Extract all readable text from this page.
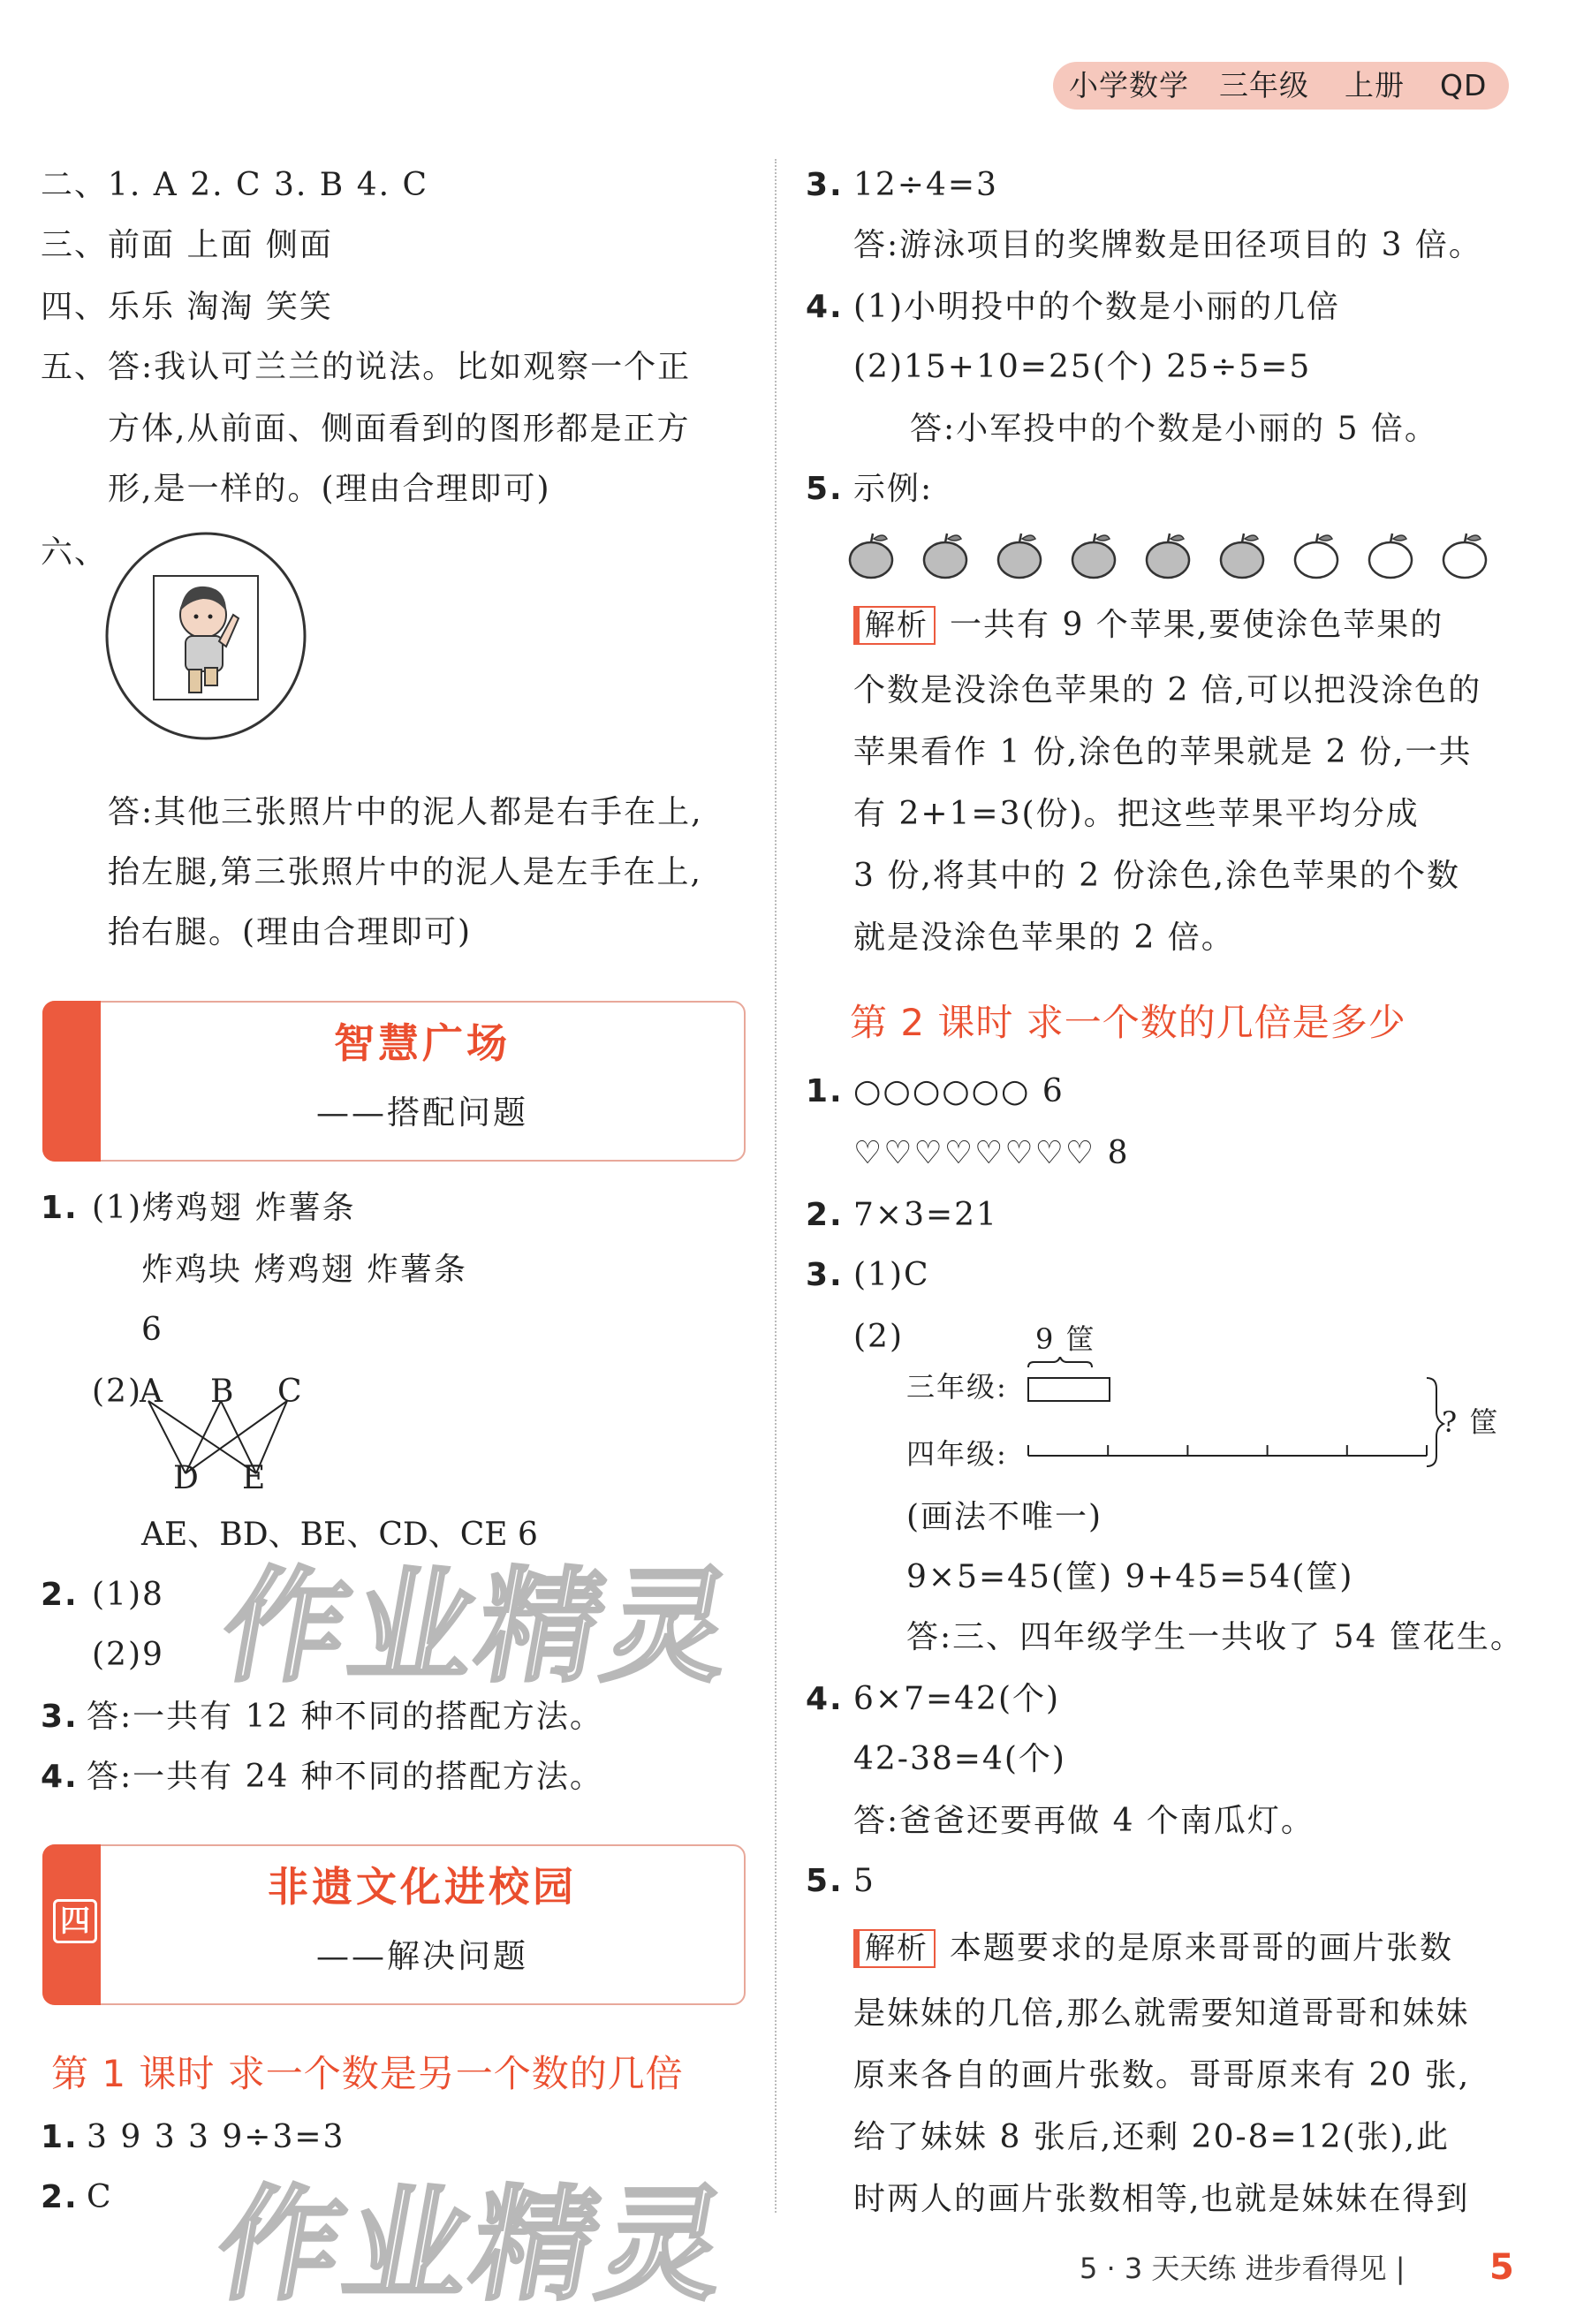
小学数学 三年级 上册 QD
二、1. A 2. C 3. B 4. C
三、前面 上面 侧面
四、乐乐 淘淘 笑笑
五、答:我认可兰兰的说法。比如观察一个正
方体,从前面、侧面看到的图形都是正方
形,是一样的。(理由合理即可)
六、
答:其他三张照片中的泥人都是右手在上,
抬左腿,第三张照片中的泥人是左手在上,
抬右腿。(理由合理即可)
智慧广场
——搭配问题
1. (1)烤鸡翅 炸薯条
炸鸡块 烤鸡翅 炸薯条
6
(2)
A B C
D E
AE、BD、BE、CD、CE 6
2. (1)8
(2)9
3. 答:一共有 12 种不同的搭配方法。
4. 答:一共有 24 种不同的搭配方法。
四
非遗文化进校园
——解决问题
第 1 课时 求一个数是另一个数的几倍
1. 3 9 3 3 9÷3=3
2. C
3. 12÷4=3
答:游泳项目的奖牌数是田径项目的 3 倍。
4. (1)小明投中的个数是小丽的几倍
(2)15+10=25(个) 25÷5=5
答:小军投中的个数是小丽的 5 倍。
5. 示例:
解析 一共有 9 个苹果,要使涂色苹果的
个数是没涂色苹果的 2 倍,可以把没涂色的
苹果看作 1 份,涂色的苹果就是 2 份,一共
有 2+1=3(份)。把这些苹果平均分成
3 份,将其中的 2 份涂色,涂色苹果的个数
就是没涂色苹果的 2 倍。
第 2 课时 求一个数的几倍是多少
1. ○○○○○○ 6
♡♡♡♡♡♡♡♡ 8
2. 7×3=21
3. (1)C
(2)	9 筐
三年级:
四年级:
? 筐
(画法不唯一)
9×5=45(筐) 9+45=54(筐)
答:三、四年级学生一共收了 54 筐花生。
4. 6×7=42(个)
42-38=4(个)
答:爸爸还要再做 4 个南瓜灯。
5. 5
解析 本题要求的是原来哥哥的画片张数
是妹妹的几倍,那么就需要知道哥哥和妹妹
原来各自的画片张数。哥哥原来有 20 张,
给了妹妹 8 张后,还剩 20-8=12(张),此
时两人的画片张数相等,也就是妹妹在得到
作业精灵
作业精灵	5 · 3 天天练 进步看得见 | 5
